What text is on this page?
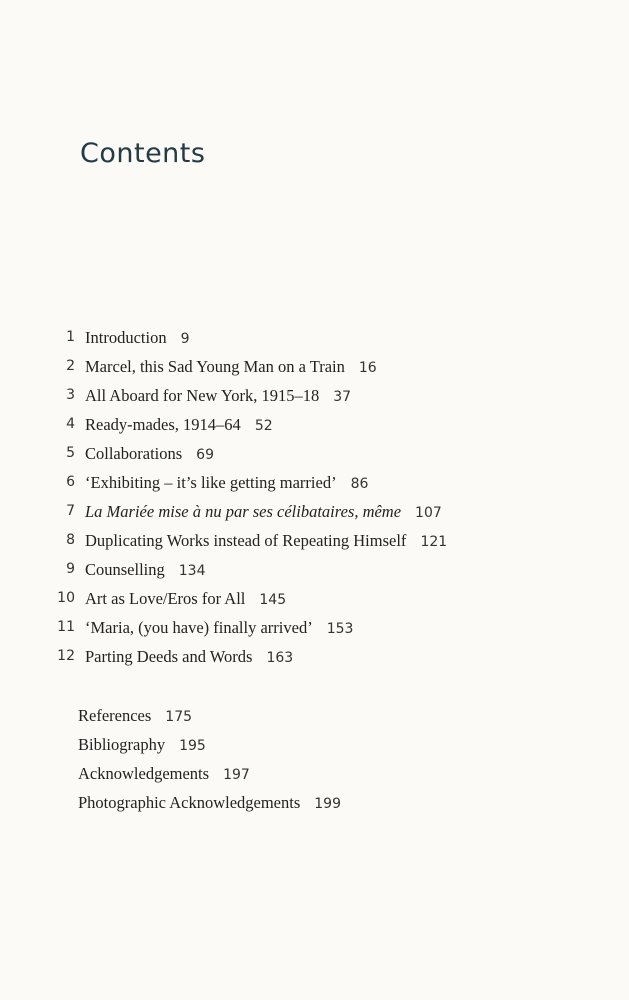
Contents
1 Introduction 9
2 Marcel, this Sad Young Man on a Train 16
3 All Aboard for New York, 1915–18 37
4 Ready-mades, 1914–64 52
5 Collaborations 69
6 ‘Exhibiting – it’s like getting married’ 86
7 La Mariée mise à nu par ses célibataires, même 107
8 Duplicating Works instead of Repeating Himself 121
9 Counselling 134
10 Art as Love/Eros for All 145
11 ‘Maria, (you have) finally arrived’ 153
12 Parting Deeds and Words 163
References 175
Bibliography 195
Acknowledgements 197
Photographic Acknowledgements 199
